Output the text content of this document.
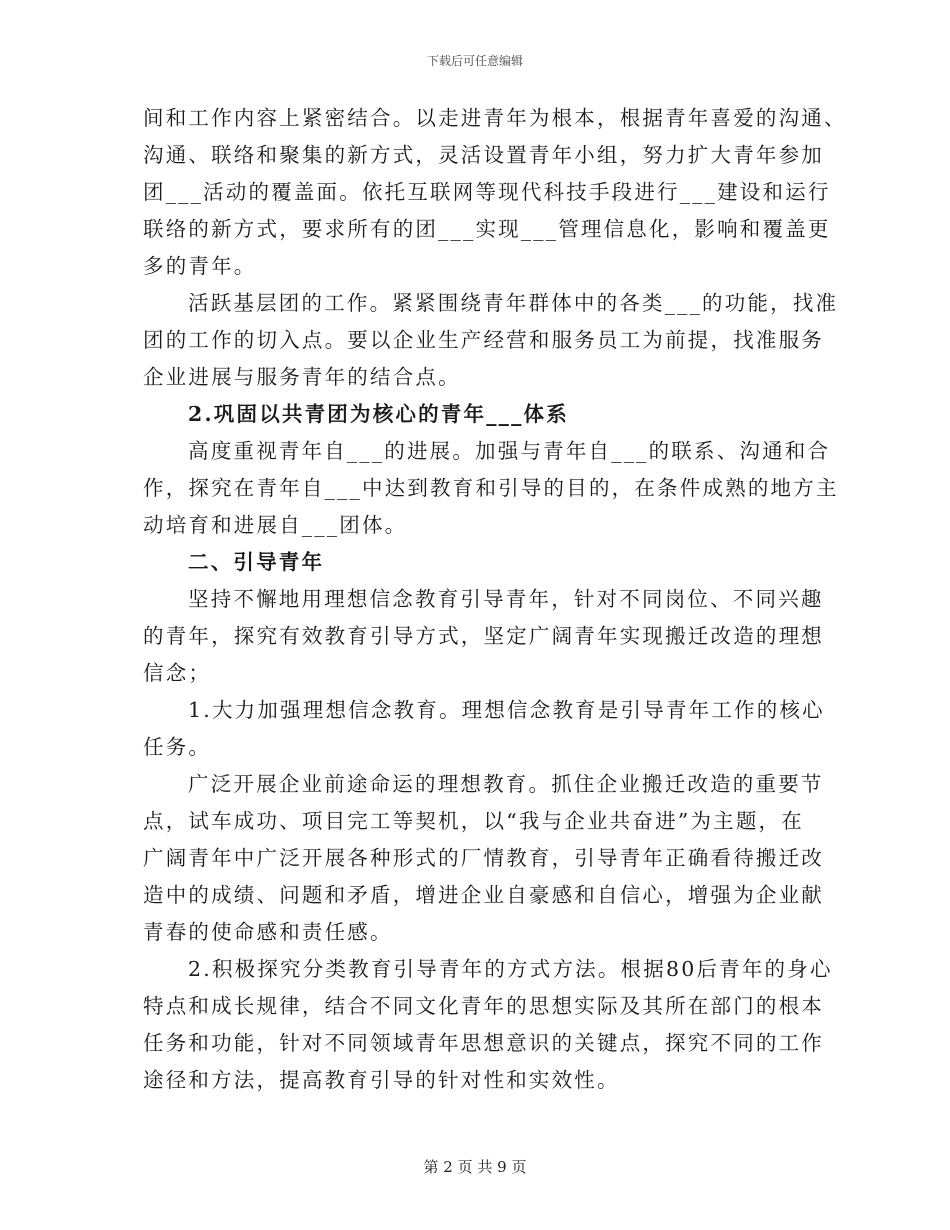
下载后可任意编辑
间和工作内容上紧密结合。以走进青年为根本，根据青年喜爱的沟通、
沟通、联络和聚集的新方式，灵活设置青年小组，努力扩大青年参加
团___活动的覆盖面。依托互联网等现代科技手段进行___建设和运行
联络的新方式，要求所有的团___实现___管理信息化，影响和覆盖更
多的青年。
活跃基层团的工作。紧紧围绕青年群体中的各类___的功能，找准
团的工作的切入点。要以企业生产经营和服务员工为前提，找准服务
企业进展与服务青年的结合点。
2.巩固以共青团为核心的青年___体系
高度重视青年自___的进展。加强与青年自___的联系、沟通和合
作，探究在青年自___中达到教育和引导的目的，在条件成熟的地方主
动培育和进展自___团体。
二、引导青年
坚持不懈地用理想信念教育引导青年，针对不同岗位、不同兴趣
的青年，探究有效教育引导方式，坚定广阔青年实现搬迁改造的理想
信念；
1.大力加强理想信念教育。理想信念教育是引导青年工作的核心
任务。
广泛开展企业前途命运的理想教育。抓住企业搬迁改造的重要节
点，试车成功、项目完工等契机，以“我与企业共奋进”为主题，在
广阔青年中广泛开展各种形式的厂情教育，引导青年正确看待搬迁改
造中的成绩、问题和矛盾，增进企业自豪感和自信心，增强为企业献
青春的使命感和责任感。
2.积极探究分类教育引导青年的方式方法。根据80后青年的身心
特点和成长规律，结合不同文化青年的思想实际及其所在部门的根本
任务和功能，针对不同领域青年思想意识的关键点，探究不同的工作
途径和方法，提高教育引导的针对性和实效性。
第 2 页 共 9 页
